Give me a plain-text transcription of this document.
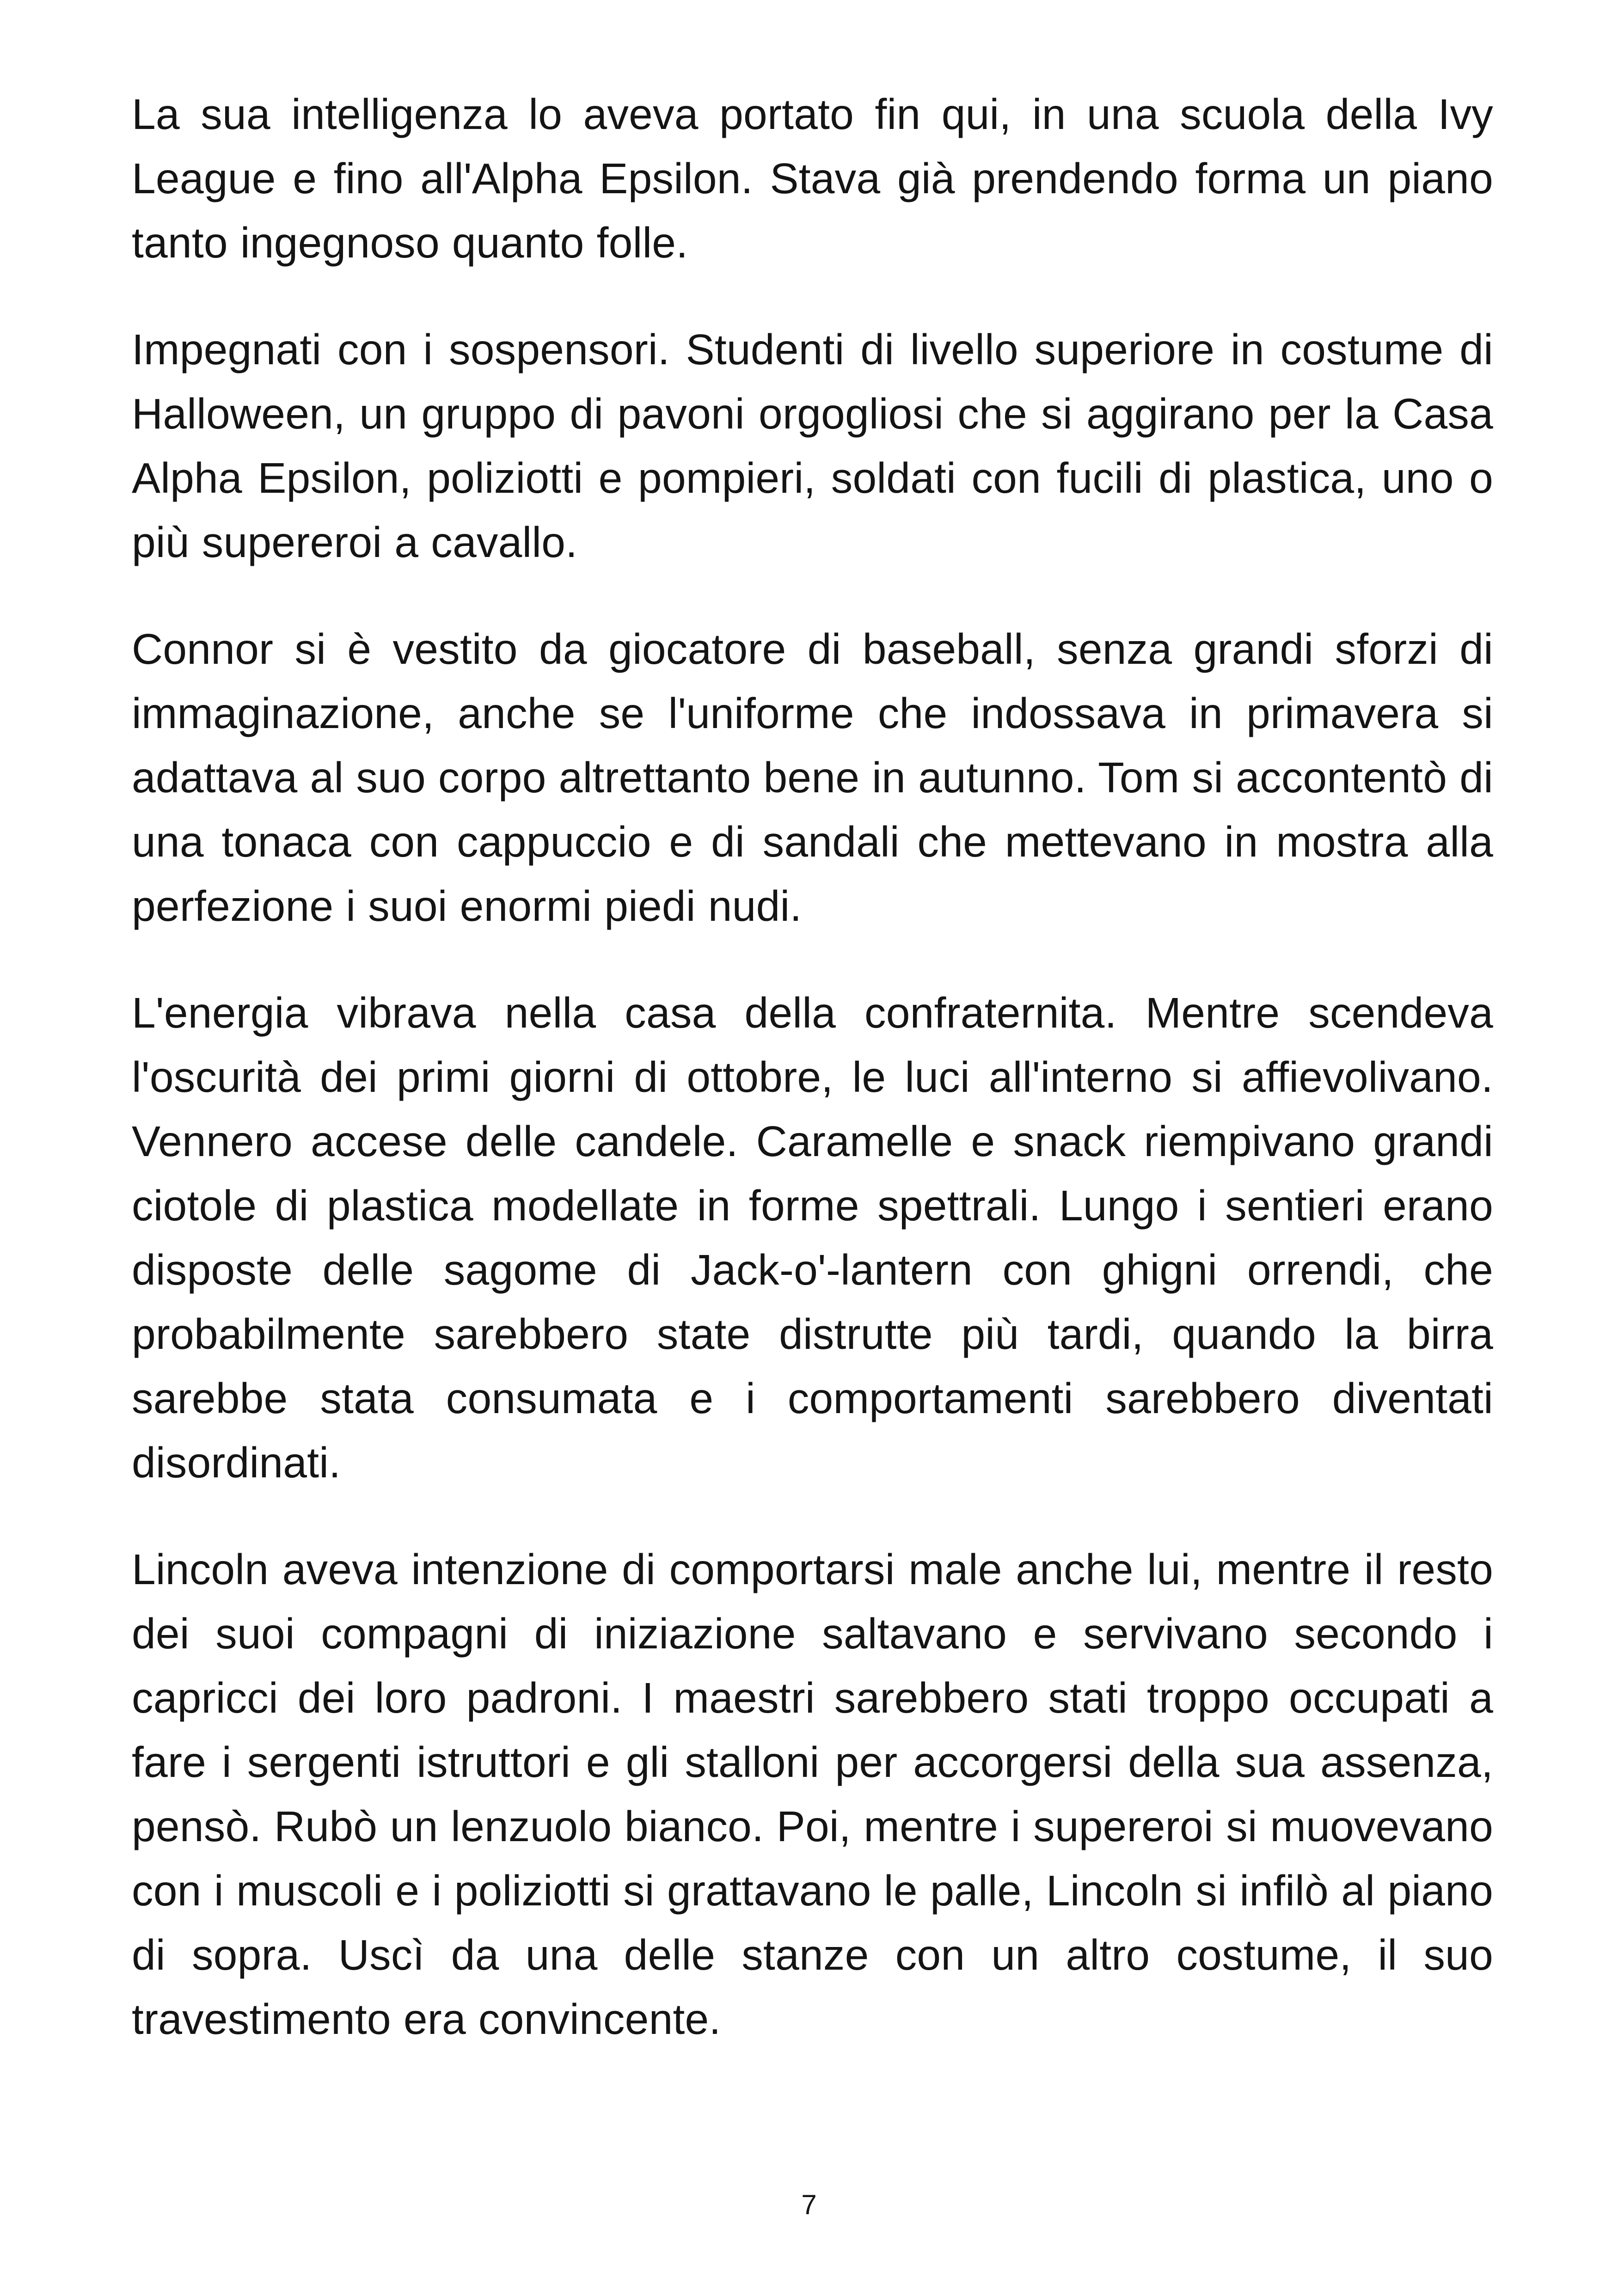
La sua intelligenza lo aveva portato fin qui, in una scuola della Ivy League e fino all'Alpha Epsilon. Stava già prendendo forma un piano tanto ingegnoso quanto folle.

Impegnati con i sospensori. Studenti di livello superiore in costume di Halloween, un gruppo di pavoni orgogliosi che si aggirano per la Casa Alpha Epsilon, poliziotti e pompieri, soldati con fucili di plastica, uno o più supereroi a cavallo.

Connor si è vestito da giocatore di baseball, senza grandi sforzi di immaginazione, anche se l'uniforme che indossava in primavera si adattava al suo corpo altrettanto bene in autunno. Tom si accontentò di una tonaca con cappuccio e di sandali che mettevano in mostra alla perfezione i suoi enormi piedi nudi.

L'energia vibrava nella casa della confraternita. Mentre scendeva l'oscurità dei primi giorni di ottobre, le luci all'interno si affievolivano. Vennero accese delle candele. Caramelle e snack riempivano grandi ciotole di plastica modellate in forme spettrali. Lungo i sentieri erano disposte delle sagome di Jack-o'-lantern con ghigni orrendi, che probabilmente sarebbero state distrutte più tardi, quando la birra sarebbe stata consumata e i comportamenti sarebbero diventati disordinati.

Lincoln aveva intenzione di comportarsi male anche lui, mentre il resto dei suoi compagni di iniziazione saltavano e servivano secondo i capricci dei loro padroni. I maestri sarebbero stati troppo occupati a fare i sergenti istruttori e gli stalloni per accorgersi della sua assenza, pensò. Rubò un lenzuolo bianco. Poi, mentre i supereroi si muovevano con i muscoli e i poliziotti si grattavano le palle, Lincoln si infilò al piano di sopra. Uscì da una delle stanze con un altro costume, il suo travestimento era convincente.

7
